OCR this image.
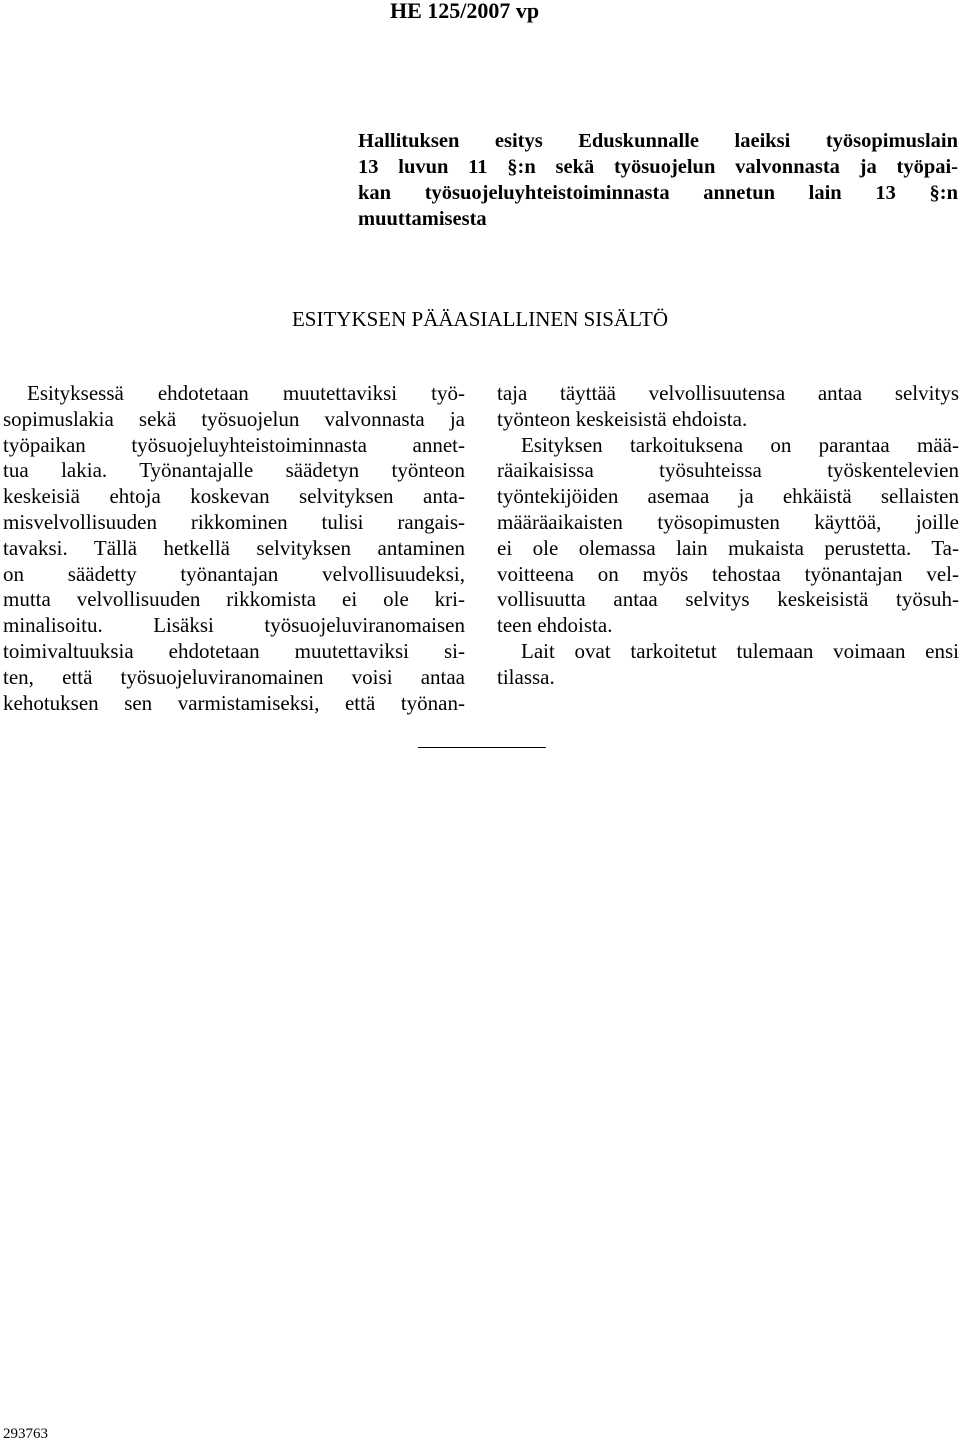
HE 125/2007 vp
Hallituksen esitys Eduskunnalle laeiksi työsopimuslain
13 luvun 11 §:n sekä työsuojelun valvonnasta ja työpai-
kan työsuojeluyhteistoiminnasta annetun lain 13 §:n
muuttamisesta
ESITYKSEN PÄÄASIALLINEN SISÄLTÖ
Esityksessä ehdotetaan muutettaviksi työ-
sopimuslakia sekä työsuojelun valvonnasta ja
työpaikan työsuojeluyhteistoiminnasta annet-
tua lakia. Työnantajalle säädetyn työnteon
keskeisiä ehtoja koskevan selvityksen anta-
misvelvollisuuden rikkominen tulisi rangais-
tavaksi. Tällä hetkellä selvityksen antaminen
on säädetty työnantajan velvollisuudeksi,
mutta velvollisuuden rikkomista ei ole kri-
minalisoitu. Lisäksi työsuojeluviranomaisen
toimivaltuuksia ehdotetaan muutettaviksi si-
ten, että työsuojeluviranomainen voisi antaa
kehotuksen sen varmistamiseksi, että työnan-
taja täyttää velvollisuutensa antaa selvitys
työnteon keskeisistä ehdoista.
Esityksen tarkoituksena on parantaa mää-
räaikaisissa työsuhteissa työskentelevien
työntekijöiden asemaa ja ehkäistä sellaisten
määräaikaisten työsopimusten käyttöä, joille
ei ole olemassa lain mukaista perustetta. Ta-
voitteena on myös tehostaa työnantajan vel-
vollisuutta antaa selvitys keskeisistä työsuh-
teen ehdoista.
Lait ovat tarkoitetut tulemaan voimaan ensi
tilassa.
293763
